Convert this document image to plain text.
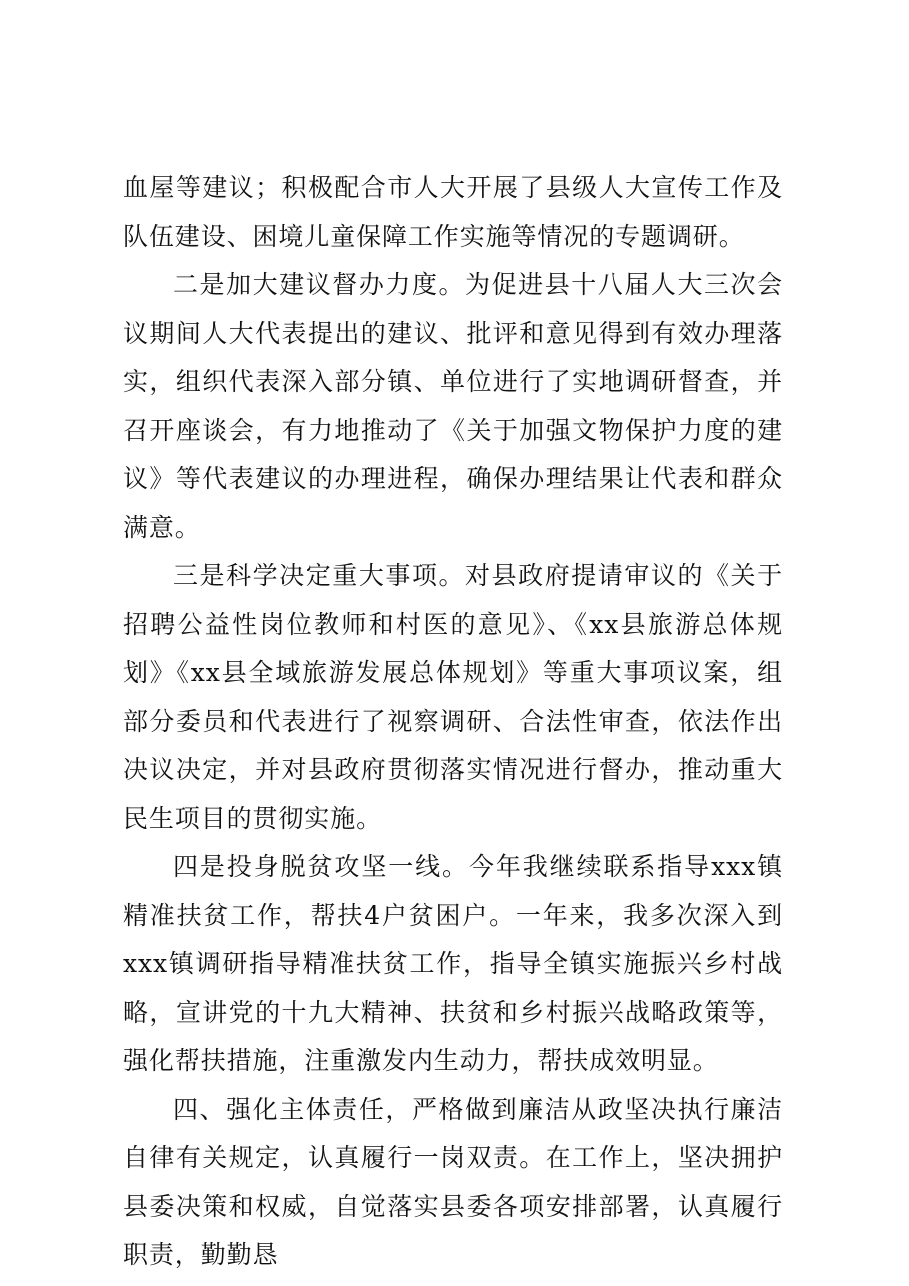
血屋等建议；积极配合市人大开展了县级人大宣传工作及队伍建设、困境儿童保障工作实施等情况的专题调研。

二是加大建议督办力度。为促进县十八届人大三次会议期间人大代表提出的建议、批评和意见得到有效办理落实，组织代表深入部分镇、单位进行了实地调研督查，并召开座谈会，有力地推动了《关于加强文物保护力度的建议》等代表建议的办理进程，确保办理结果让代表和群众满意。

三是科学决定重大事项。对县政府提请审议的《关于招聘公益性岗位教师和村医的意见》、《xx县旅游总体规划》《xx县全域旅游发展总体规划》等重大事项议案，组部分委员和代表进行了视察调研、合法性审查，依法作出决议决定，并对县政府贯彻落实情况进行督办，推动重大民生项目的贯彻实施。

四是投身脱贫攻坚一线。今年我继续联系指导xxx镇精准扶贫工作，帮扶4户贫困户。一年来，我多次深入到xxx镇调研指导精准扶贫工作，指导全镇实施振兴乡村战略，宣讲党的十九大精神、扶贫和乡村振兴战略政策等，强化帮扶措施，注重激发内生动力，帮扶成效明显。

四、强化主体责任，严格做到廉洁从政坚决执行廉洁自律有关规定，认真履行一岗双责。在工作上，坚决拥护县委决策和权威，自觉落实县委各项安排部署，认真履行职责，勤勤恳
